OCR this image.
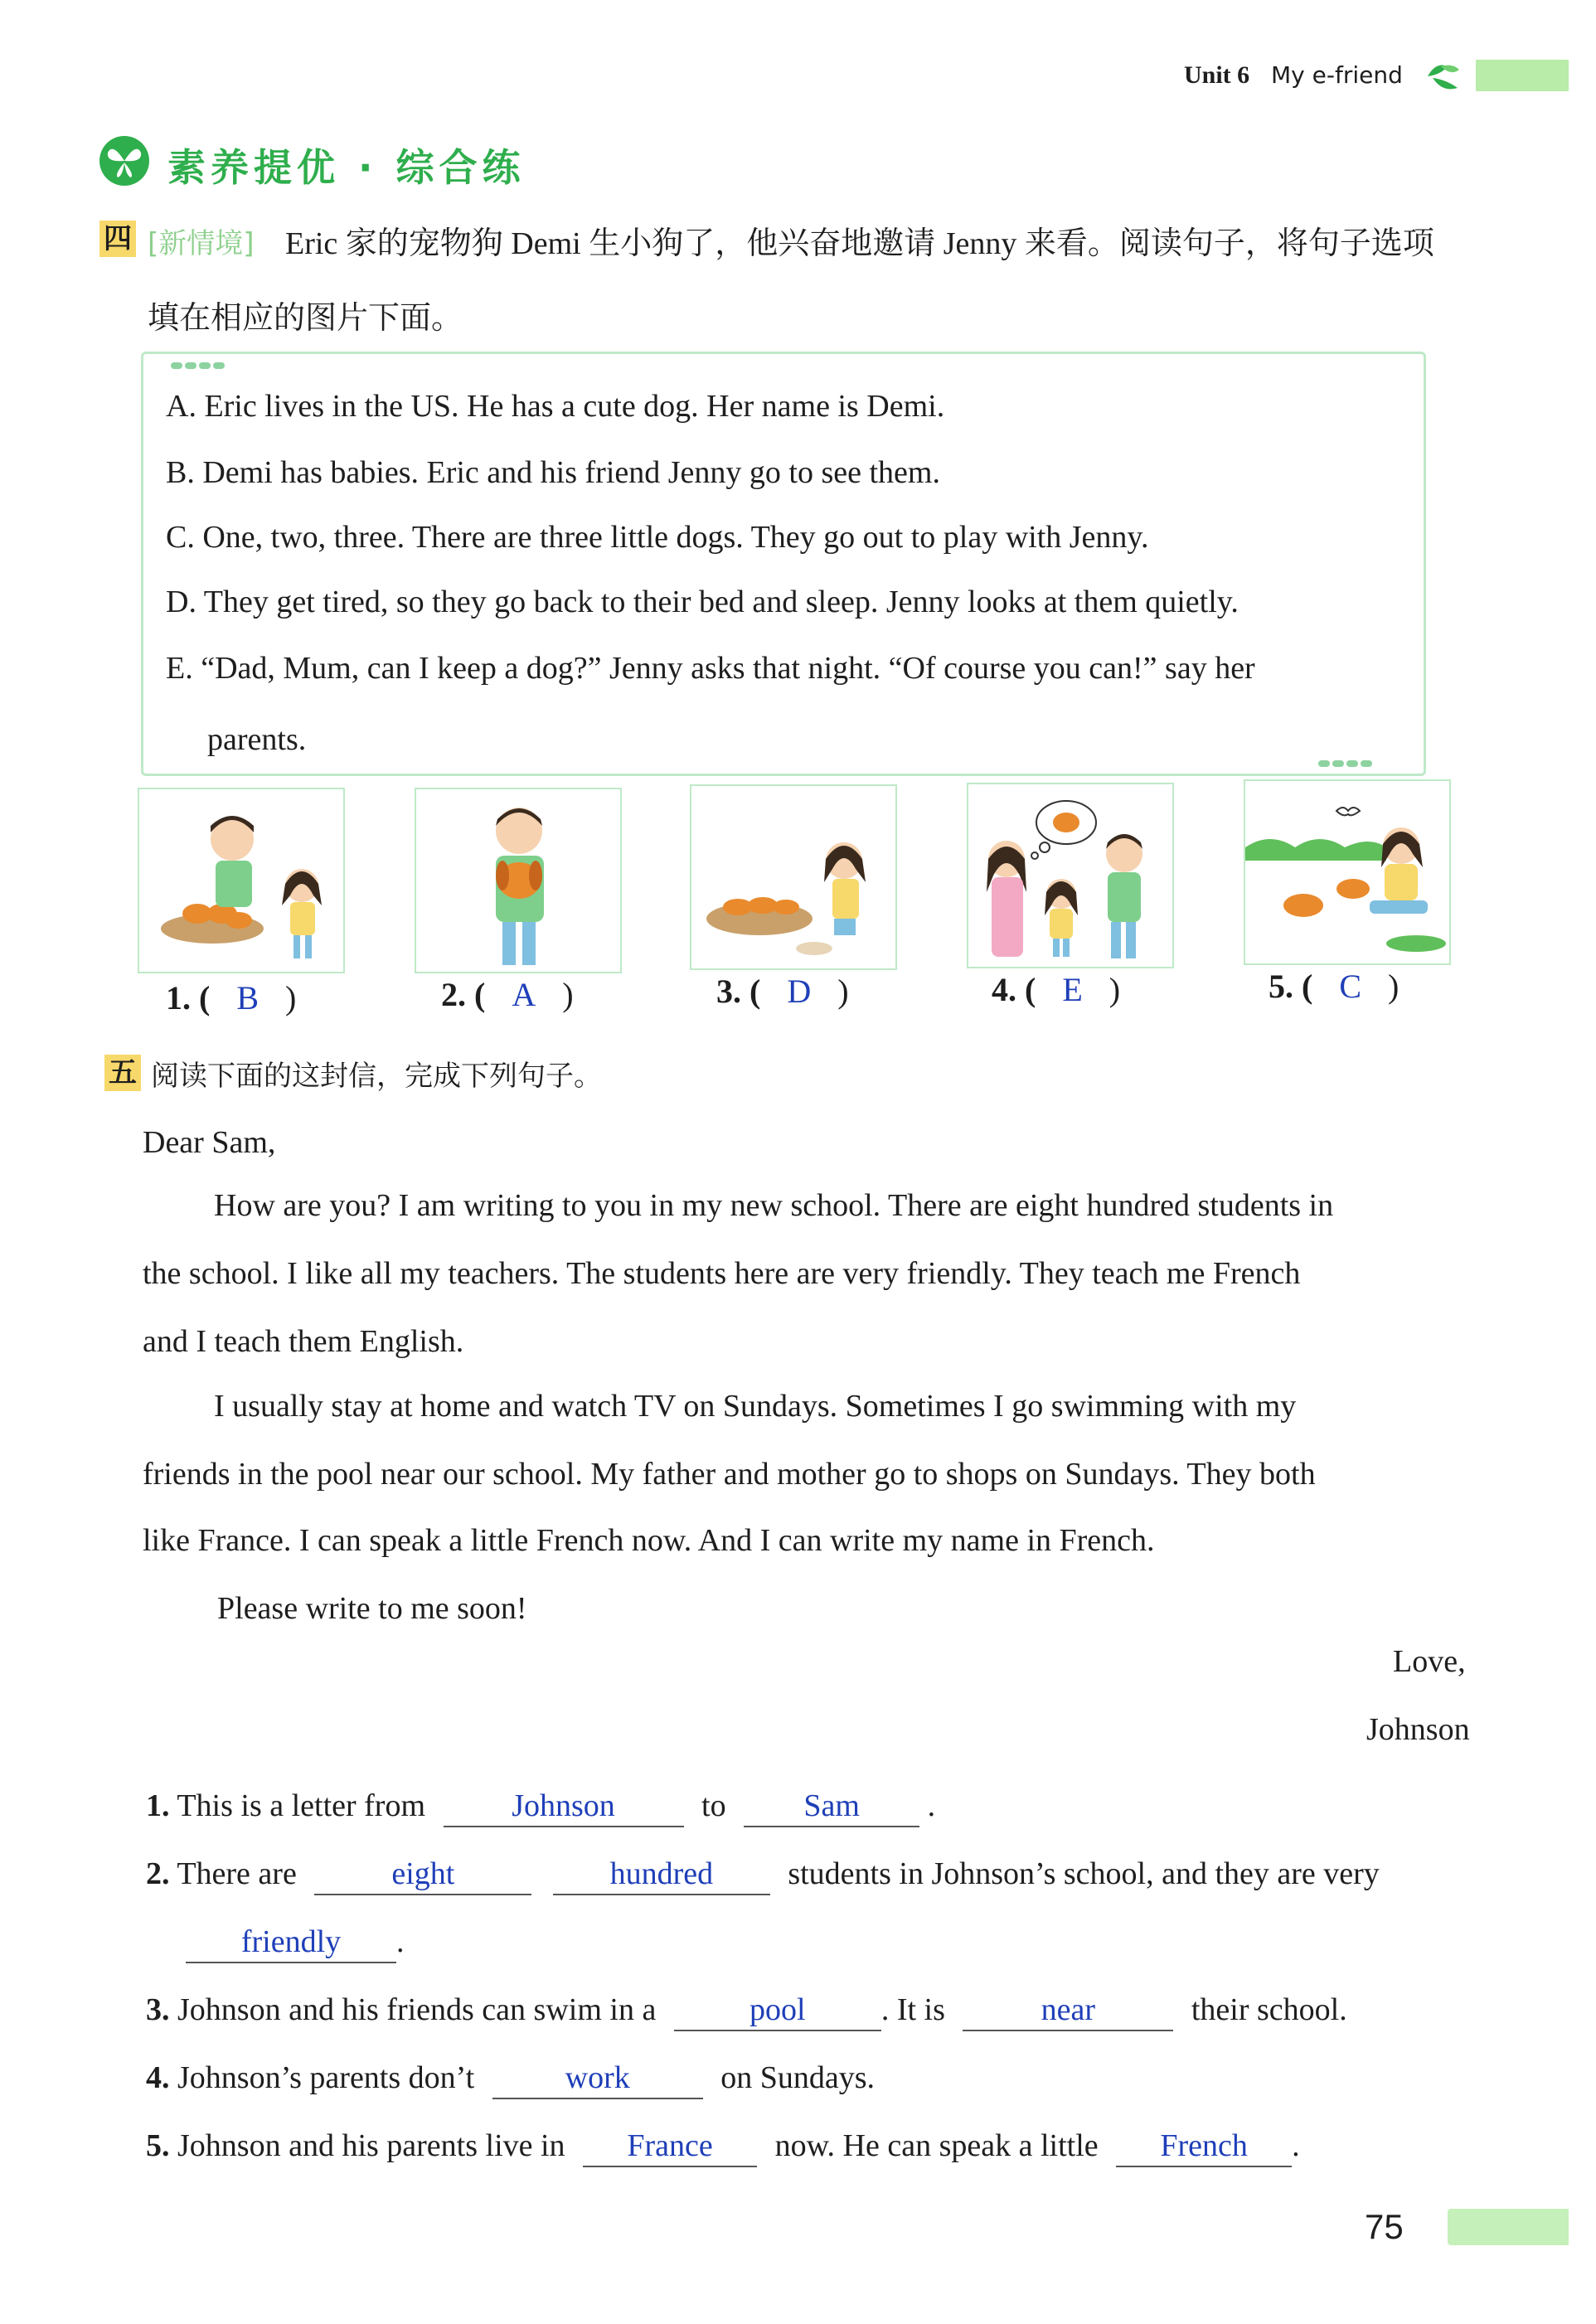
Unit 6 My e-friend
素养提优 · 综合练
四 [新情境] Eric 家的宠物狗 Demi 生小狗了，他兴奋地邀请 Jenny 来看。阅读句子，将句子选项
填在相应的图片下面。
A. Eric lives in the US. He has a cute dog. Her name is Demi.
B. Demi has babies. Eric and his friend Jenny go to see them.
C. One, two, three. There are three little dogs. They go out to play with Jenny.
D. They get tired, so they go back to their bed and sleep. Jenny looks at them quietly.
E. “Dad, Mum, can I keep a dog?” Jenny asks that night. “Of course you can!” say her
parents.
1. ( B )	2. ( A )	3. ( D )	4. ( E )	5. ( C )
五 阅读下面的这封信，完成下列句子。
Dear Sam,
How are you? I am writing to you in my new school. There are eight hundred students in
the school. I like all my teachers. The students here are very friendly. They teach me French
and I teach them English.
I usually stay at home and watch TV on Sundays. Sometimes I go swimming with my
friends in the pool near our school. My father and mother go to shops on Sundays. They both
like France. I can speak a little French now. And I can write my name in French.
Please write to me soon!
Love,
Johnson
1. This is a letter from	Johnson	to Sam .
2. There are	eight	hundred students in Johnson’s school, and they are very
friendly .
3. Johnson and his friends can swim in a	pool . It is	near	their school.
4. Johnson’s parents don’t	work	on Sundays.
5. Johnson and his parents live in France now. He can speak a little French .
75
